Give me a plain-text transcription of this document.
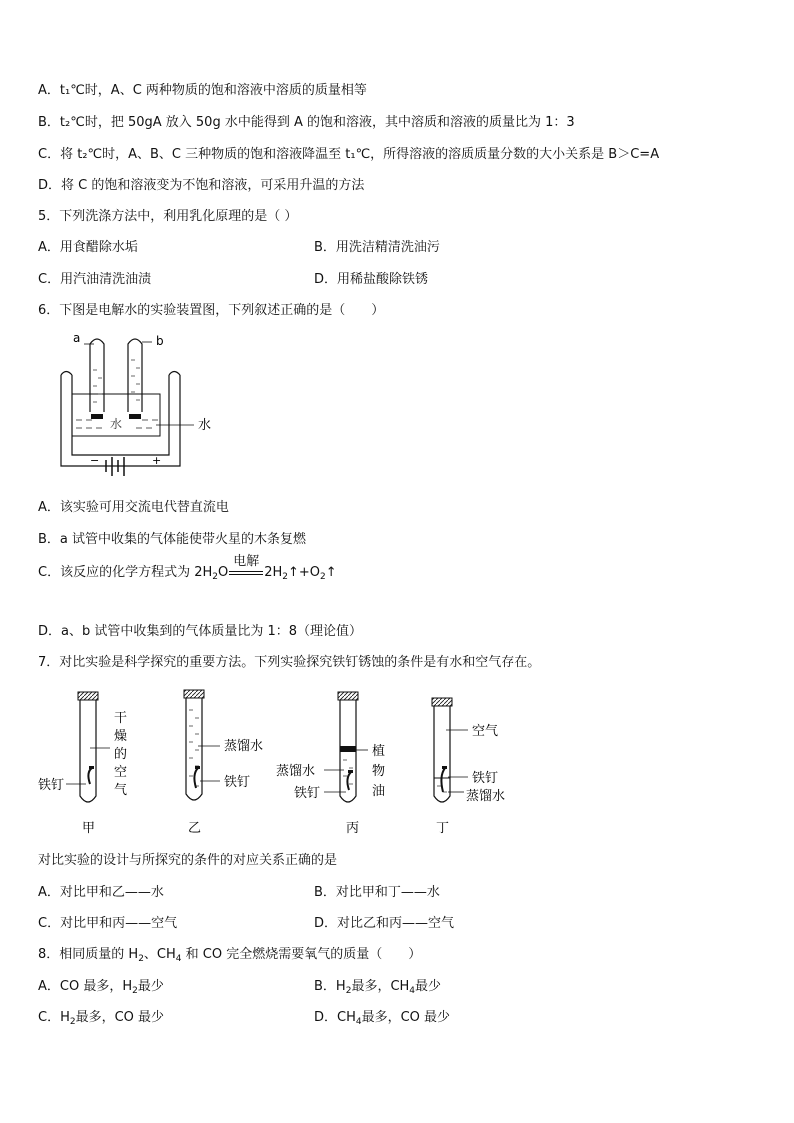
A．t₁℃时，A、C 两种物质的饱和溶液中溶质的质量相等
B．t₂℃时，把 50gA 放入 50g 水中能得到 A 的饱和溶液，其中溶质和溶液的质量比为 1：3
C．将 t₂℃时，A、B、C 三种物质的饱和溶液降温至 t₁℃，所得溶液的溶质质量分数的大小关系是 B＞C=A
D．将 C 的饱和溶液变为不饱和溶液，可采用升温的方法
5．下列洗涤方法中，利用乳化原理的是（ ）
A．用食醋除水垢	B．用洗洁精清洗油污
C．用汽油清洗油渍	D．用稀盐酸除铁锈
6．下图是电解水的实验装置图，下列叙述正确的是（　　）
a	b
水	水
−	+
A．该实验可用交流电代替直流电
B．a 试管中收集的气体能使带火星的木条复燃
C．该反应的化学方程式为 $2H_2O$
电解
$2H_2↑+O_2↑$
D．a、b 试管中收集到的气体质量比为 1：8（理论值）
7．对比实验是科学探究的重要方法。下列实验探究铁钉锈蚀的条件是有水和空气存在。
干
燥
的
空
气
铁钉
甲
蒸馏水
铁钉
乙
植
物
油
蒸馏水
铁钉
丙
空气
铁钉
蒸馏水
丁
对比实验的设计与所探究的条件的对应关系正确的是
A．对比甲和乙——水	B．对比甲和丁——水
C．对比甲和丙——空气	D．对比乙和丙——空气
8．相同质量的 $H_2$、$CH_4$ 和 CO 完全燃烧需要氧气的质量（　　）
A．CO 最多，$H_2$最少	B．$H_2$最多，$CH_4$最少
C．$H_2$最多，CO 最少	D．$CH_4$最多，CO 最少
